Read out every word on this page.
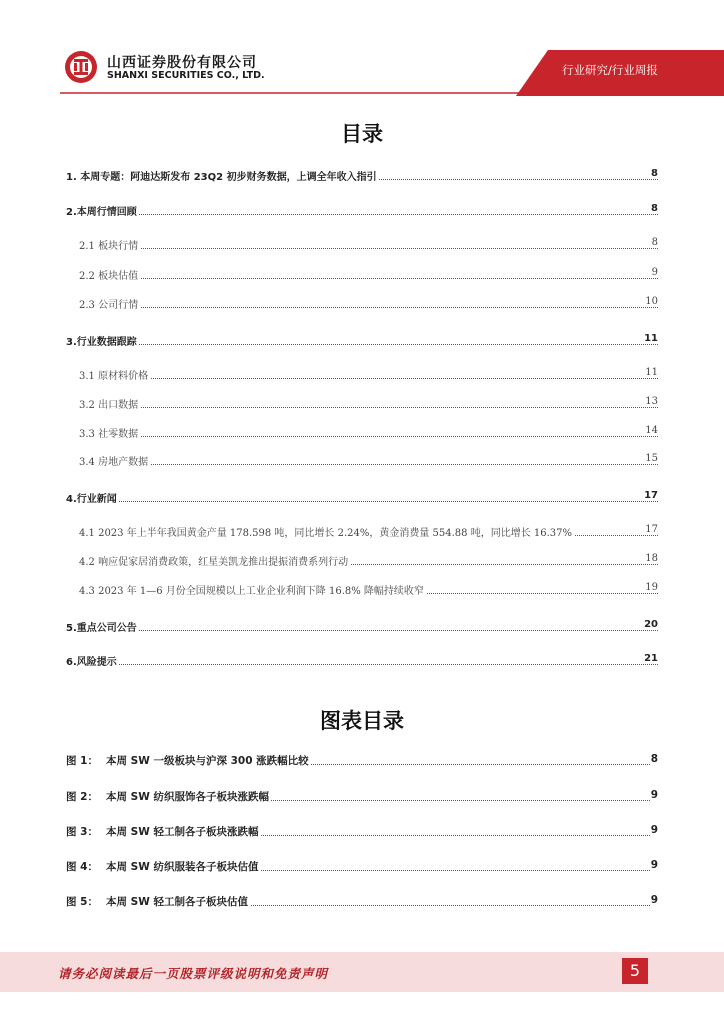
山西证券股份有限公司
SHANXI SECURITIES CO., LTD.	行业研究/行业周报
目录
1. 本周专题：阿迪达斯发布 23Q2 初步财务数据，上调全年收入指引	8
2.本周行情回顾	8
2.1 板块行情	8
2.2 板块估值	9
2.3 公司行情	10
3.行业数据跟踪	11
3.1 原材料价格	11
3.2 出口数据	13
3.3 社零数据	14
3.4 房地产数据	15
4.行业新闻	17
4.1 2023 年上半年我国黄金产量 178.598 吨，同比增长 2.24%，黄金消费量 554.88 吨，同比增长 16.37%	17
4.2 响应促家居消费政策，红星美凯龙推出提振消费系列行动	18
4.3 2023 年 1—6 月份全国规模以上工业企业利润下降 16.8% 降幅持续收窄	19
5.重点公司公告	20
6.风险提示	21
图表目录
图 1： 本周 SW 一级板块与沪深 300 涨跌幅比较	8
图 2： 本周 SW 纺织服饰各子板块涨跌幅	9
图 3： 本周 SW 轻工制各子板块涨跌幅	9
图 4： 本周 SW 纺织服装各子板块估值	9
图 5： 本周 SW 轻工制各子板块估值	9
请务必阅读最后一页股票评级说明和免责声明	5
